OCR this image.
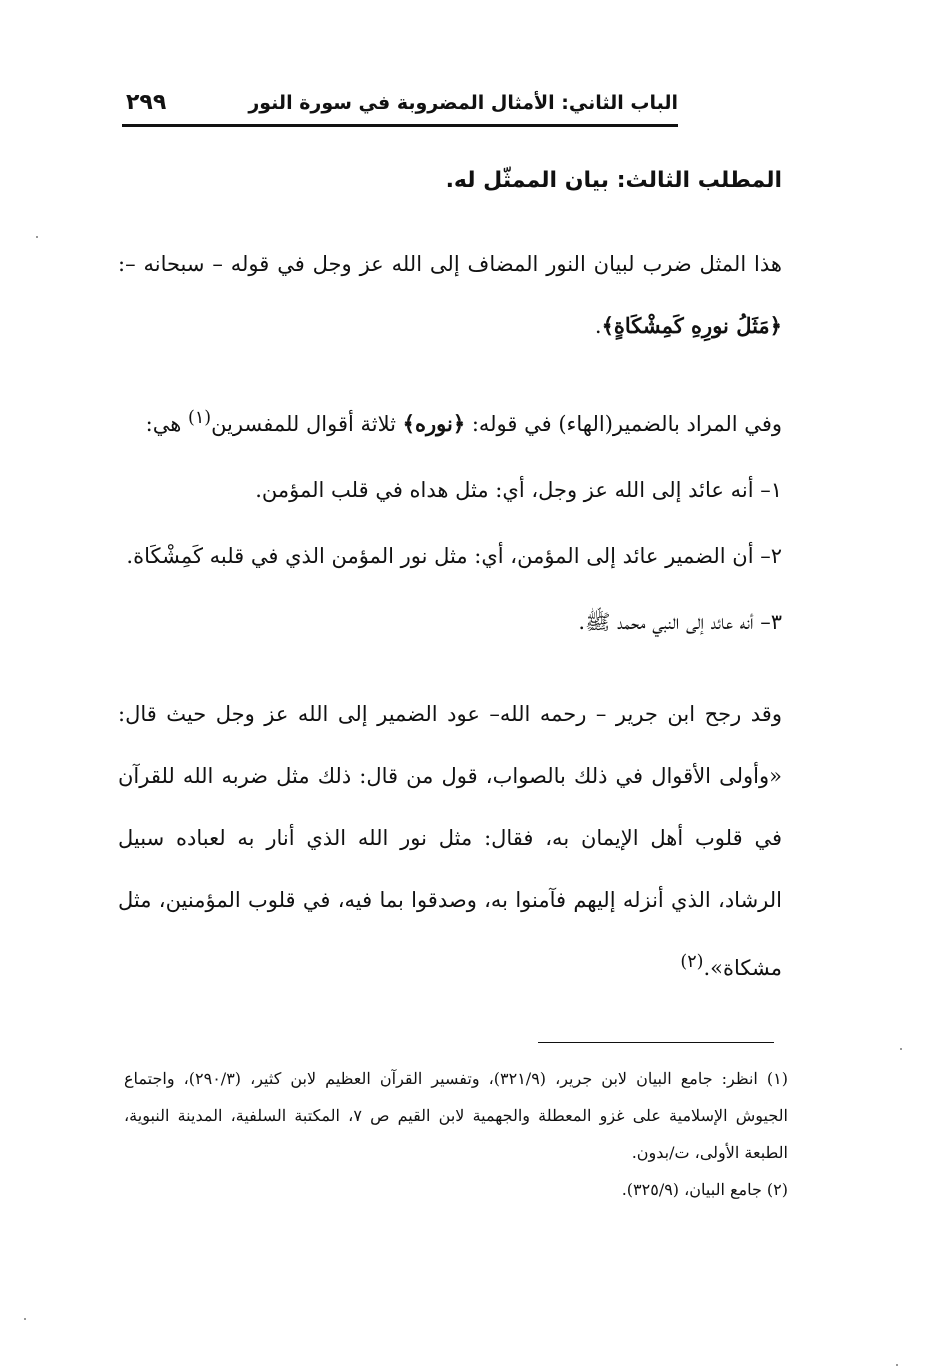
الباب الثاني: الأمثال المضروبة في سورة النور
٢٩٩
المطلب الثالث: بيان الممثّل له.

هذا المثل ضرب لبيان النور المضاف إلى الله عز وجل في قوله – سبحانه –: ﴿مَثَلُ نورِهِ كَمِشْكَاةٍ﴾.

وفي المراد بالضمير(الهاء) في قوله: ﴿نوره﴾ ثلاثة أقوال للمفسرين$^{(١)}$ هي:

١– أنه عائد إلى الله عز وجل، أي: مثل هداه في قلب المؤمن.

٢– أن الضمير عائد إلى المؤمن، أي: مثل نور المؤمن الذي في قلبه كَمِشْكَاة.

٣– أنه عائد إلى النبي محمد ﷺ.

وقد رجح ابن جرير – رحمه الله– عود الضمير إلى الله عز وجل حيث قال: «وأولى الأقوال في ذلك بالصواب، قول من قال: ذلك مثل ضربه الله للقرآن في قلوب أهل الإيمان به، فقال: مثل نور الله الذي أنار به لعباده سبيل الرشاد، الذي أنزله إليهم فآمنوا به، وصدقوا بما فيه، في قلوب المؤمنين، مثل مشكاة».$^{(٢)}$

(١) انظر: جامع البيان لابن جرير، (٣٢١/٩)، وتفسير القرآن العظيم لابن كثير، (٢٩٠/٣)، واجتماع الجيوش الإسلامية على غزو المعطلة والجهمية لابن القيم ص ٧، المكتبة السلفية، المدينة النبوية، الطبعة الأولى، ت/بدون.

(٢) جامع البيان، (٣٢٥/٩).
